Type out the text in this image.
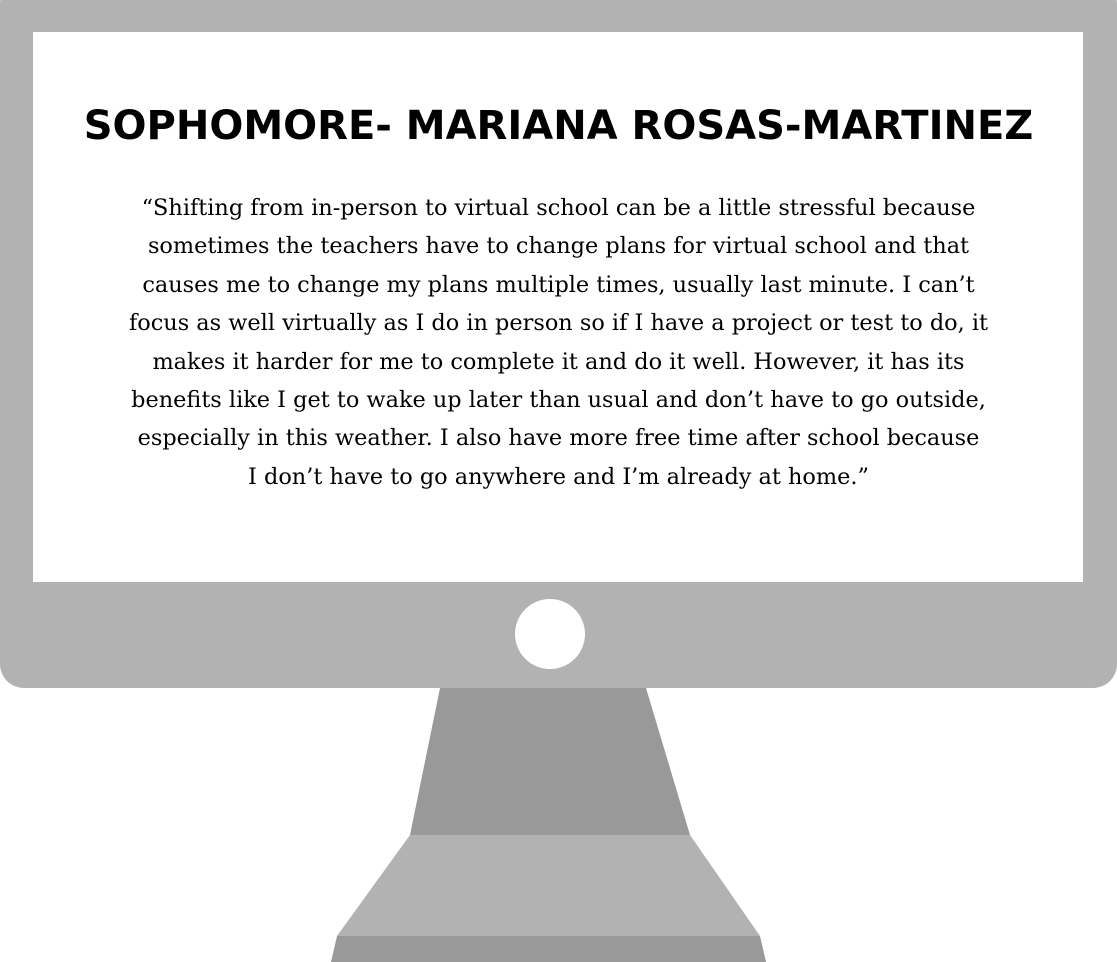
SOPHOMORE- MARIANA ROSAS-MARTINEZ
“Shifting from in-person to virtual school can be a little stressful because
sometimes the teachers have to change plans for virtual school and that
causes me to change my plans multiple times, usually last minute. I can’t
focus as well virtually as I do in person so if I have a project or test to do, it
makes it harder for me to complete it and do it well. However, it has its
benefits like I get to wake up later than usual and don’t have to go outside,
especially in this weather. I also have more free time after school because
I don’t have to go anywhere and I’m already at home.”
